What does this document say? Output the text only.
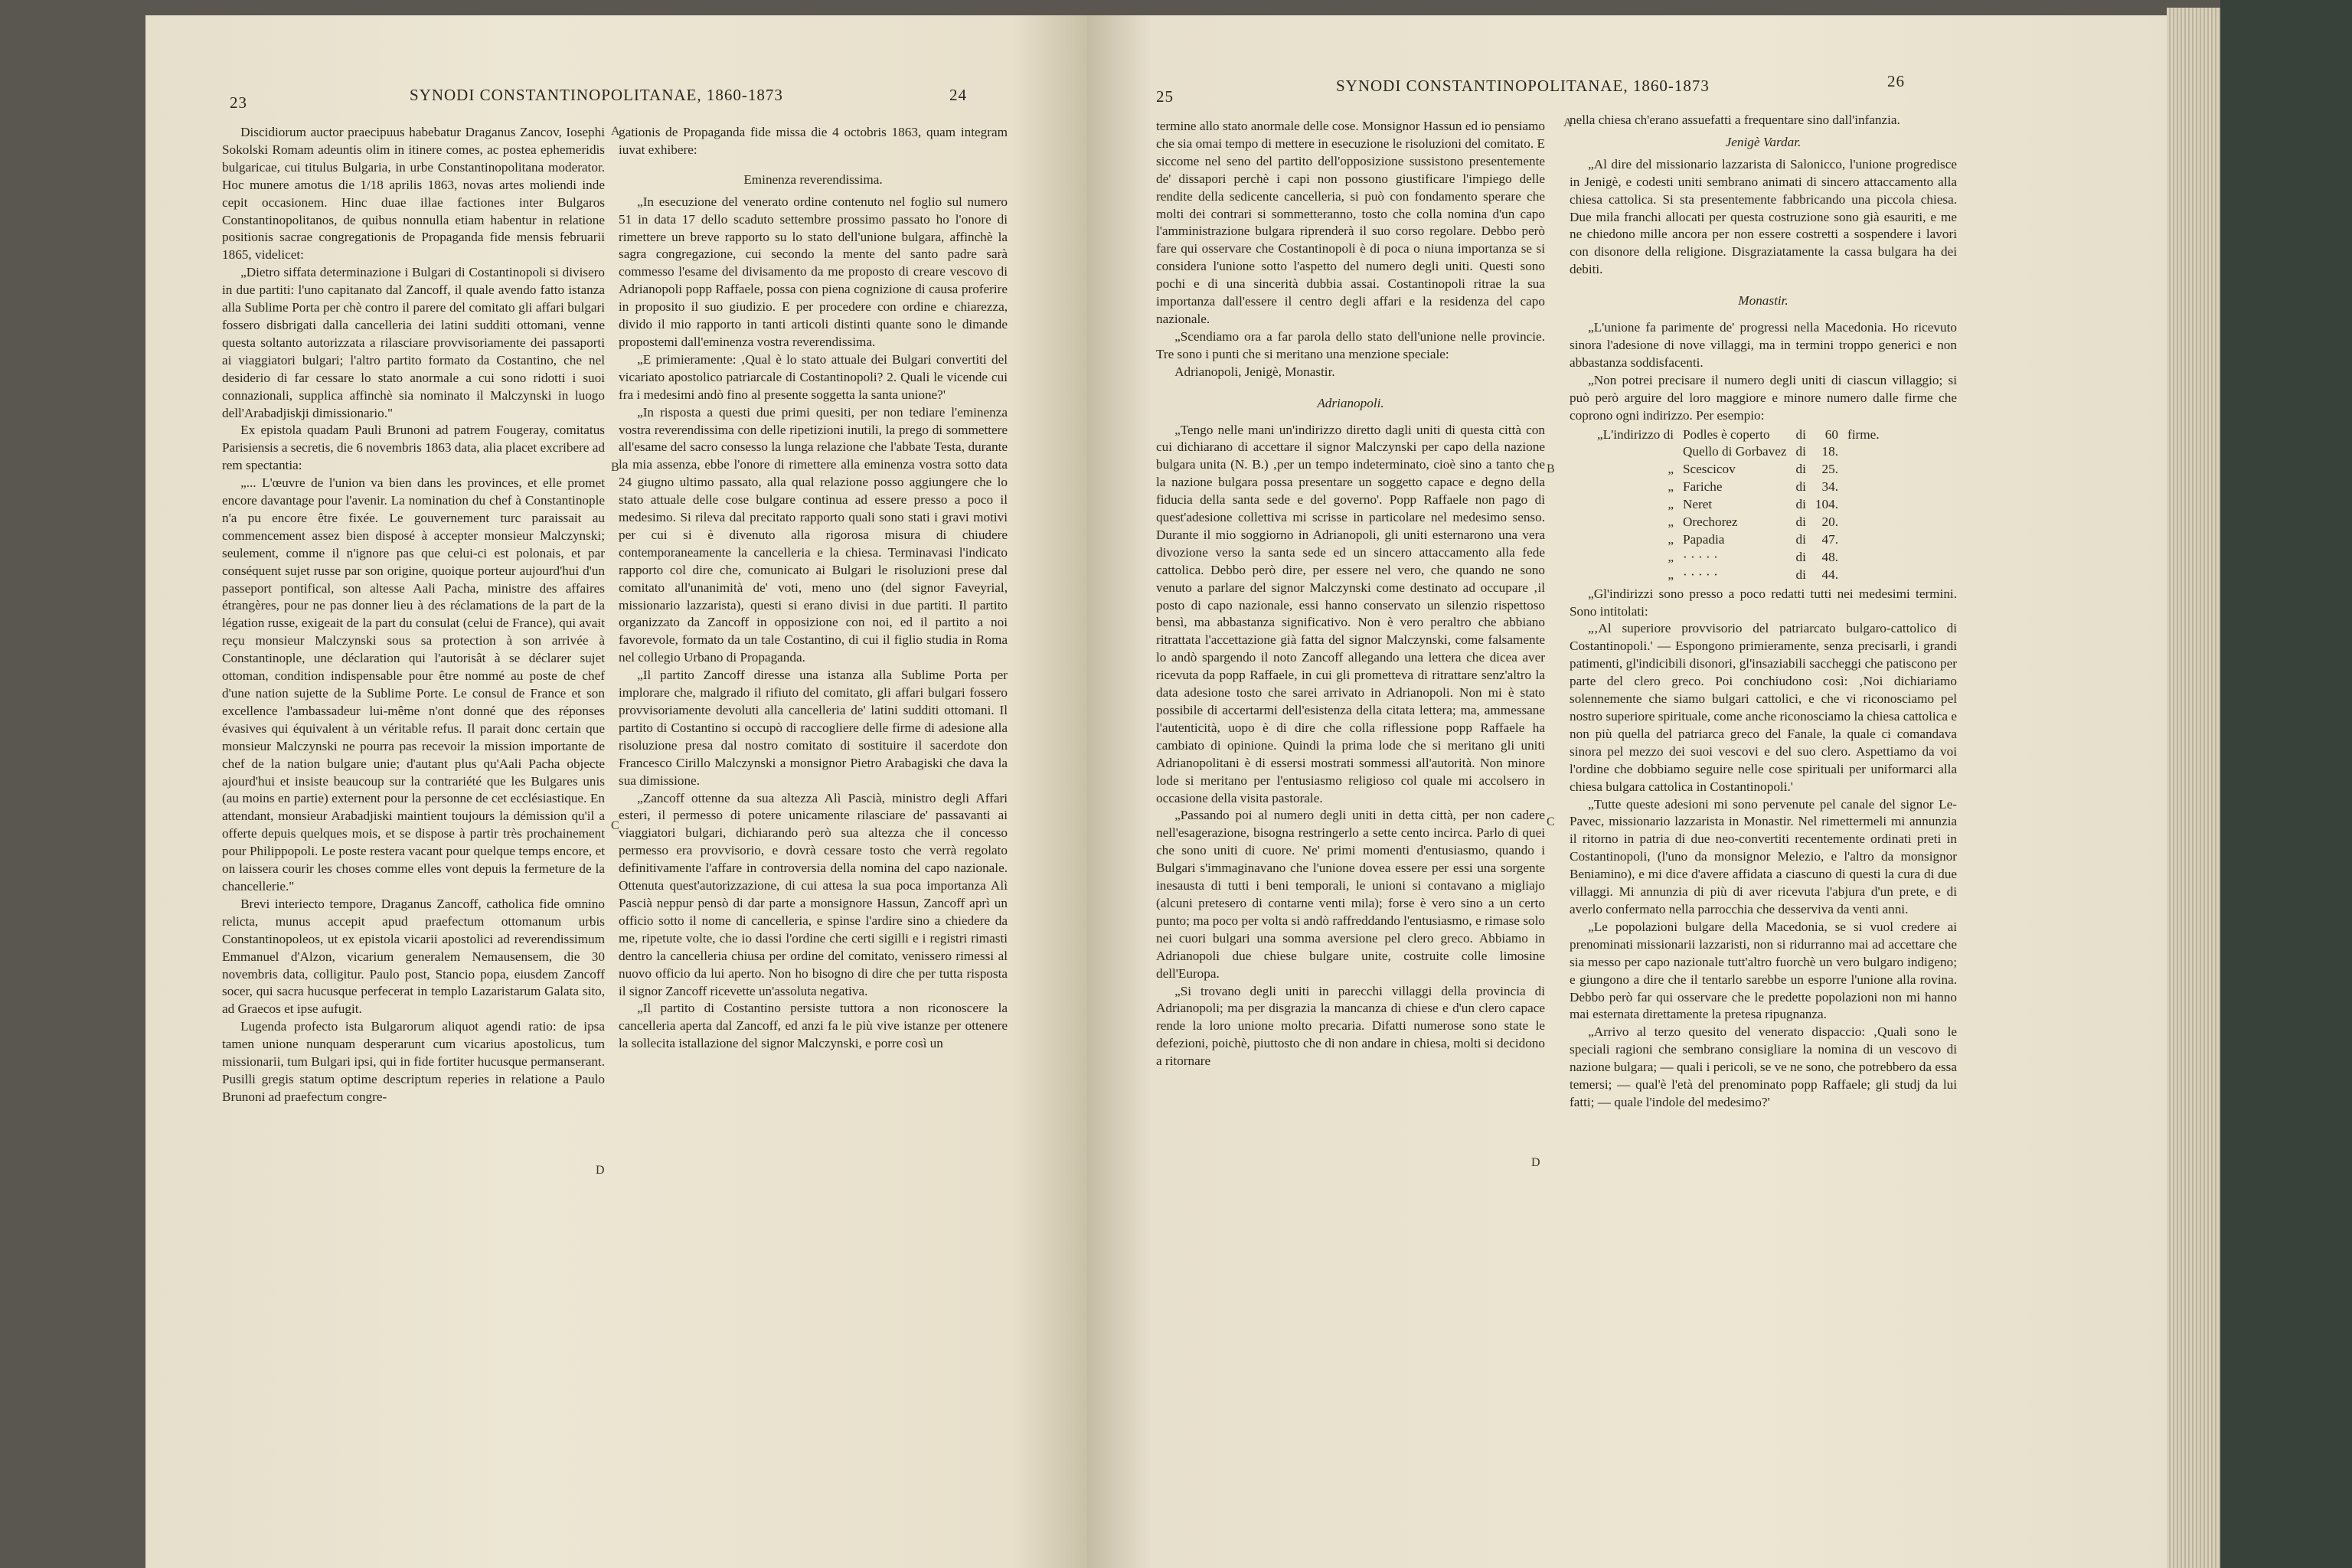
23	SYNODI CONSTANTINOPOLITANAE, 1860-1873	24

Discidiorum auctor praecipuus habebatur Draganus Zancov, Iosephi Sokolski Romam adeuntis olim in itinere comes, ac postea ephemeridis bulgaricae, cui titulus Bulgaria, in urbe Constantinopolitana moderator. Hoc munere amotus die 1/18 aprilis 1863, novas artes moliendi inde cepit occasionem. Hinc duae illae factiones inter Bulgaros Constantinopolitanos, de quibus nonnulla etiam habentur in relatione positionis sacrae congregationis de Propaganda fide mensis februarii 1865, videlicet:

„Dietro siffata determinazione i Bulgari di Costantinopoli si divisero in due partiti: l'uno capitanato dal Zancoff, il quale avendo fatto istanza alla Sublime Porta per chè contro il parere del comitato gli affari bulgari fossero disbrigati dalla cancelleria dei latini sudditi ottomani, venne questa soltanto autorizzata a rilasciare provvisoriamente dei passaporti ai viaggiatori bulgari; l'altro partito formato da Costantino, che nel desiderio di far cessare lo stato anormale a cui sono ridotti i suoi connazionali, supplica affinchè sia nominato il Malczynski in luogo dell'Arabadjiskji dimissionario."

Ex epistola quadam Pauli Brunoni ad patrem Fougeray, comitatus Parisiensis a secretis, die 6 novembris 1863 data, alia placet excribere ad rem spectantia:

„... L'œuvre de l'union va bien dans les provinces, et elle promet encore davantage pour l'avenir. La nomination du chef à Constantinople n'a pu encore être fixée. Le gouvernement turc paraissait au commencement assez bien disposé à accepter monsieur Malczynski; seulement, comme il n'ignore pas que celui-ci est polonais, et par conséquent sujet russe par son origine, quoique porteur aujourd'hui d'un passeport pontifical, son altesse Aali Pacha, ministre des affaires étrangères, pour ne pas donner lieu à des réclamations de la part de la légation russe, exigeait de la part du consulat (celui de France), qui avait reçu monsieur Malczynski sous sa protection à son arrivée à Constantinople, une déclaration qui l'autorisât à se déclarer sujet ottoman, condition indispensable pour être nommé au poste de chef d'une nation sujette de la Sublime Porte. Le consul de France et son excellence l'ambassadeur lui-même n'ont donné que des réponses évasives qui équivalent à un véritable refus. Il parait donc certain que monsieur Malczynski ne pourra pas recevoir la mission importante de chef de la nation bulgare unie; d'autant plus qu'Aali Pacha objecte ajourd'hui et insiste beaucoup sur la contrariété que les Bulgares unis (au moins en partie) externent pour la personne de cet ecclésiastique. En attendant, monsieur Arabadjiski maintient toujours la démission qu'il a offerte depuis quelques mois, et se dispose à partir très prochainement pour Philippopoli. Le poste restera vacant pour quelque temps encore, et on laissera courir les choses comme elles vont depuis la fermeture de la chancellerie."

Brevi interiecto tempore, Draganus Zancoff, catholica fide omnino relicta, munus accepit apud praefectum ottomanum urbis Constantinopoleos, ut ex epistola vicarii apostolici ad reverendissimum Emmanuel d'Alzon, vicarium generalem Nemausensem, die 30 novembris data, colligitur. Paulo post, Stancio popa, eiusdem Zancoff socer, qui sacra hucusque perfecerat in templo Lazaristarum Galata sito, ad Graecos et ipse aufugit.

Lugenda profecto ista Bulgarorum aliquot agendi ratio: de ipsa tamen unione nunquam desperarunt cum vicarius apostolicus, tum missionarii, tum Bulgari ipsi, qui in fide fortiter hucusque permanserant. Pusilli gregis statum optime descriptum reperies in relatione a Paulo Brunoni ad praefectum congre-

A
B
C
D

gationis de Propaganda fide missa die 4 octobris 1863, quam integram iuvat exhibere:

Eminenza reverendissima.

„In esecuzione del venerato ordine contenuto nel foglio sul numero 51 in data 17 dello scaduto settembre prossimo passato ho l'onore di rimettere un breve rapporto su lo stato dell'unione bulgara, affinchè la sagra congregazione, cui secondo la mente del santo padre sarà commesso l'esame del divisamento da me proposto di creare vescovo di Adrianopoli popp Raffaele, possa con piena cognizione di causa proferire in proposito il suo giudizio. E per procedere con ordine e chiarezza, divido il mio rapporto in tanti articoli distinti quante sono le dimande propostemi dall'eminenza vostra reverendissima.

„E primieramente: ‚Qual è lo stato attuale dei Bulgari convertiti del vicariato apostolico patriarcale di Costantinopoli? 2. Quali le vicende cui fra i medesimi andò fino al presente soggetta la santa unione?'

„In risposta a questi due primi quesiti, per non tediare l'eminenza vostra reverendissima con delle ripetizioni inutili, la prego di sommettere all'esame del sacro consesso la lunga relazione che l'abbate Testa, durante la mia assenza, ebbe l'onore di rimettere alla eminenza vostra sotto data 24 giugno ultimo passato, alla qual relazione posso aggiungere che lo stato attuale delle cose bulgare continua ad essere presso a poco il medesimo. Si rileva dal precitato rapporto quali sono stati i gravi motivi per cui si è divenuto alla rigorosa misura di chiudere contemporaneamente la cancelleria e la chiesa. Terminavasi l'indicato rapporto col dire che, comunicato ai Bulgari le risoluzioni prese dal comitato all'unanimità de' voti, meno uno (del signor Faveyrial, missionario lazzarista), questi si erano divisi in due partiti. Il partito organizzato da Zancoff in opposizione con noi, ed il partito a noi favorevole, formato da un tale Costantino, di cui il figlio studia in Roma nel collegio Urbano di Propaganda.

„Il partito Zancoff diresse una istanza alla Sublime Porta per implorare che, malgrado il rifiuto del comitato, gli affari bulgari fossero provvisoriamente devoluti alla cancelleria de' latini sudditi ottomani. Il partito di Costantino si occupò di raccogliere delle firme di adesione alla risoluzione presa dal nostro comitato di sostituire il sacerdote don Francesco Cirillo Malczynski a monsignor Pietro Arabagiski che dava la sua dimissione.

„Zancoff ottenne da sua altezza Alì Pascià, ministro degli Affari esteri, il permesso di potere unicamente rilasciare de' passavanti ai viaggiatori bulgari, dichiarando però sua altezza che il concesso permesso era provvisorio, e dovrà cessare tosto che verrà regolato definitivamente l'affare in controversia della nomina del capo nazionale. Ottenuta quest'autorizzazione, di cui attesa la sua poca importanza Alì Pascià neppur pensò di dar parte a monsignore Hassun, Zancoff aprì un officio sotto il nome di cancelleria, e spinse l'ardire sino a chiedere da me, ripetute volte, che io dassi l'ordine che certi sigilli e i registri rimasti dentro la cancelleria chiusa per ordine del comitato, venissero rimessi al nuovo officio da lui aperto. Non ho bisogno di dire che per tutta risposta il signor Zancoff ricevette un'assoluta negativa.

„Il partito di Costantino persiste tuttora a non riconoscere la cancelleria aperta dal Zancoff, ed anzi fa le più vive istanze per ottenere la sollecita istallazione del signor Malczynski, e porre così un

25
SYNODI CONSTANTINOPOLITANAE, 1860-1873	26

termine allo stato anormale delle cose. Monsignor Hassun ed io pensiamo che sia omai tempo di mettere in esecuzione le risoluzioni del comitato. E siccome nel seno del partito dell'opposizione sussistono presentemente de' dissapori perchè i capi non possono giustificare l'impiego delle rendite della sedicente cancelleria, si può con fondamento sperare che molti dei contrari si sommetteranno, tosto che colla nomina d'un capo l'amministrazione bulgara riprenderà il suo corso regolare. Debbo però fare qui osservare che Costantinopoli è di poca o niuna importanza se si considera l'unione sotto l'aspetto del numero degli uniti. Questi sono pochi e di una sincerità dubbia assai. Costantinopoli ritrae la sua importanza dall'essere il centro degli affari e la residenza del capo nazionale.

„Scendiamo ora a far parola dello stato dell'unione nelle provincie. Tre sono i punti che si meritano una menzione speciale:

Adrianopoli, Jenigè, Monastir.

Adrianopoli.

„Tengo nelle mani un'indirizzo diretto dagli uniti di questa città con cui dichiarano di accettare il signor Malczynski per capo della nazione bulgara unita (N. B.) ‚per un tempo indeterminato, cioè sino a tanto che la nazione bulgara possa presentare un soggetto capace e degno della fiducia della santa sede e del governo'. Popp Raffaele non pago di quest'adesione collettiva mi scrisse in particolare nel medesimo senso. Durante il mio soggiorno in Adrianopoli, gli uniti esternarono una vera divozione verso la santa sede ed un sincero attaccamento alla fede cattolica. Debbo però dire, per essere nel vero, che quando ne sono venuto a parlare del signor Malczynski come destinato ad occupare ‚il posto di capo nazionale, essi hanno conservato un silenzio rispettoso bensì, ma abbastanza significativo. Non è vero peraltro che abbiano ritrattata l'accettazione già fatta del signor Malczynski, come falsamente lo andò spargendo il noto Zancoff allegando una lettera che dicea aver ricevuta da popp Raffaele, in cui gli prometteva di ritrattare senz'altro la data adesione tosto che sarei arrivato in Adrianopoli. Non mi è stato possibile di accertarmi dell'esistenza della citata lettera; ma, ammessane l'autenticità, uopo è di dire che colla riflessione popp Raffaele ha cambiato di opinione. Quindi la prima lode che si meritano gli uniti Adrianopolitani è di essersi mostrati sommessi all'autorità. Non minore lode si meritano per l'entusiasmo religioso col quale mi accolsero in occasione della visita pastorale.

„Passando poi al numero degli uniti in detta città, per non cadere nell'esagerazione, bisogna restringerlo a sette cento incirca. Parlo di quei che sono uniti di cuore. Ne' primi momenti d'entusiasmo, quando i Bulgari s'immaginavano che l'unione dovea essere per essi una sorgente inesausta di tutti i beni temporali, le unioni si contavano a migliajo (alcuni pretesero di contarne venti mila); forse è vero sino a un certo punto; ma poco per volta si andò raffreddando l'entusiasmo, e rimase solo nei cuori bulgari una somma aversione pel clero greco. Abbiamo in Adrianopoli due chiese bulgare unite, costruite colle limosine dell'Europa.

„Si trovano degli uniti in parecchi villaggi della provincia di Adrianopoli; ma per disgrazia la mancanza di chiese e d'un clero capace rende la loro unione molto precaria. Difatti numerose sono state le defezioni, poichè, piuttosto che di non andare in chiesa, molti si decidono a ritornare

A
B
C
D

nella chiesa ch'erano assuefatti a frequentare sino dall'infanzia.

Jenigè Vardar.

„Al dire del missionario lazzarista di Salonicco, l'unione progredisce in Jenigè, e codesti uniti sembrano animati di sincero attaccamento alla chiesa cattolica. Si sta presentemente fabbricando una piccola chiesa. Due mila franchi allocati per questa costruzione sono già esauriti, e me ne chiedono mille ancora per non essere costretti a sospendere i lavori con disonore della religione. Disgraziatamente la cassa bulgara ha dei debiti.

Monastir.

„L'unione fa parimente de' progressi nella Macedonia. Ho ricevuto sinora l'adesione di nove villaggi, ma in termini troppo generici e non abbastanza soddisfacenti.

„Non potrei precisare il numero degli uniti di ciascun villaggio; si può però arguire del loro maggiore e minore numero dalle firme che coprono ogni indirizzo. Per esempio:

„L'indirizzo di	Podles è coperto	di	60	firme.
	Quello di Gorbavez	di	18.	
„	Scescicov	di	25.	
„	Fariche	di	34.	
„	Neret	di	104.	
„	Orechorez	di	20.	
„	Papadia	di	47.	
„	· · · · ·	di	48.	
„	· · · · ·	di	44.	

„Gl'indirizzi sono presso a poco redatti tutti nei medesimi termini. Sono intitolati:

„‚Al superiore provvisorio del patriarcato bulgaro-cattolico di Costantinopoli.' — Espongono primieramente, senza precisarli, i grandi patimenti, gl'indicibili disonori, gl'insaziabili saccheggi che patiscono per parte del clero greco. Poi conchiudono così: ‚Noi dichiariamo solennemente che siamo bulgari cattolici, e che vi riconosciamo pel nostro superiore spirituale, come anche riconosciamo la chiesa cattolica e non più quella del patriarca greco del Fanale, la quale ci comandava sinora pel mezzo dei suoi vescovi e del suo clero. Aspettiamo da voi l'ordine che dobbiamo seguire nelle cose spirituali per uniformarci alla chiesa bulgara cattolica in Costantinopoli.'

„Tutte queste adesioni mi sono pervenute pel canale del signor Le-Pavec, missionario lazzarista in Monastir. Nel rimettermeli mi annunzia il ritorno in patria di due neo-convertiti recentemente ordinati preti in Costantinopoli, (l'uno da monsignor Melezio, e l'altro da monsignor Beniamino), e mi dice d'avere affidata a ciascuno di questi la cura di due villaggi. Mi annunzia di più di aver ricevuta l'abjura d'un prete, e di averlo confermato nella parrocchia che desserviva da venti anni.

„Le popolazioni bulgare della Macedonia, se si vuol credere ai prenominati missionarii lazzaristi, non si ridurranno mai ad accettare che sia messo per capo nazionale tutt'altro fuorchè un vero bulgaro indigeno; e giungono a dire che il tentarlo sarebbe un esporre l'unione alla rovina. Debbo però far qui osservare che le predette popolazioni non mi hanno mai esternata direttamente la pretesa ripugnanza.

„Arrivo al terzo quesito del venerato dispaccio: ‚Quali sono le speciali ragioni che sembrano consigliare la nomina di un vescovo di nazione bulgara; — quali i pericoli, se ve ne sono, che potrebbero da essa temersi; — qual'è l'età del prenominato popp Raffaele; gli studj da lui fatti; — quale l'indole del medesimo?'
